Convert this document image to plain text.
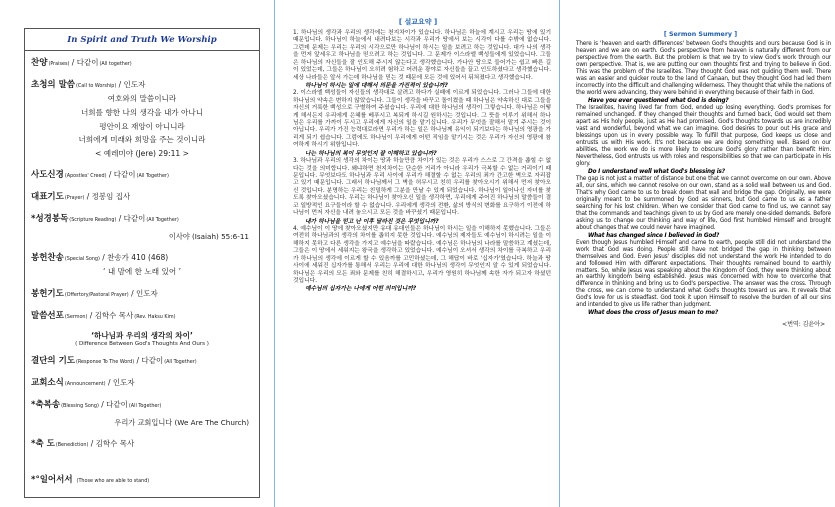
In Spirit and Truth We Worship
찬양 (Praises) / 다같이 (All together)
초청의 말씀 (Call to Worship) / 인도자
여호와의 말씀이니라
너희를 향한 나의 생각을 내가 아나니
평안이요 재앙이 아니니라
너희에게 미래와 희망을 주는 것이니라
< 예레미야 (Jere) 29:11 >
사도신경 (Apostles' Creed) / 다같이 (All Together)
대표기도 (Prayer) / 정봉임 집사
*성경봉독 (Scripture Reading) / 다같이 (All Together)
이사야 (Isaiah) 55:6-11
봉헌찬송 (Special Song) / 찬송가 410 (468)
‘ 내 맘에 한 노래 있어 ’
봉헌기도 (Offertory/Pastoral Prayer) / 인도자
말씀선포 (Sermon) / 김학수 목사 (Rev. Haksu Kim)
‘하나님과 우리의 생각의 차이’
( Difference Between God's Thoughts And Ours )
결단의 기도 (Response To The Word) / 다같이 (All Together)
교회소식 (Announcement) / 인도자
*축복송 (Blessing Song) / 다같이 (All Together)
우리가 교회입니다 (We Are The Church)
*축 도 (Benediction) / 김학수 목사
*°일어서서 (Those who are able to stand)
[ 설교요약 ]
1. 하나님의 생각과 우리의 생각에는 천지차이가 있습니다. 하나님은 하늘에 계시고 우리는 땅에 있기 때문입니다. 하나님이 하늘에서 내려다보는 시각과 우리가 땅에서 보는 시각이 다를 수밖에 없습니다. 그런데 문제는 우리는 우리의 시각으로만 하나님이 하시는 일을 보려고 하는 것입니다. 대가 나의 생각을 먼저 앞세우고 하나님을 믿으려고 하는 것입니다. 그 문제가 이스라엘 백성들에게 있었습니다. 그들은 하나님의 자신들을 잘 인도해 주시지 않는다고 생각했습니다. 가나안 땅으로 들어가는 쉽고 빠른 길이 있었는데, 그들은 하나님이 오히려 험하고 어려운 광야로 자신들을 끌고 인도하셨다고 생각했습니다. 세상 나라들은 앞서 가는데 하나님을 믿는 것 때문에 모든 것에 있어서 뒤쳐졌다고 생각했습니다.
하나님이 하시는 일에 대해서 의문을 가진적이 있습니까?
2. 이스라엘 백성들이 자신들의 생각대로 살려고 하다가 실패에 이르게 되었습니다. 그러나 그들에 대한 하나님의 약속은 변하지 않았습니다. 그들이 생각을 바꾸고 돌이켰을 때 하나님은 약속하신 대로 그들을 자신의 거룩한 백성으로 구별하여 주셨습니다. 우리에 대한 하나님의 생각이 그렇습니다. 하나님은 어떻게 해서든지 우리에게 은혜를 베푸시고 복되게 하시길 원하시는 것입니다. 그 뜻을 이루기 위해서 하나님은 우리를 가까이 두시고 우리에게 자신의 일을 맡기십니다. 우리가 무엇을 잘해서 맡겨 주시는 것이 아닙니다. 우리가 가진 능력대로라면 우리가 하는 일은 하나님께 유익이 되기보다는 하나님의 영광을 가리게 되기 쉽습니다. 그럼에도 하나님이 우리에게 어떤 직임을 맡기시는 것은 우리가 자신의 영광에 참여하게 하시기 위함입니다.
나는 하나님의 복이 무엇인지 잘 이해하고 있습니까?
3. 하나님과 우리의 생각의 차이는 땅과 하늘만큼 차이가 있는 것은 우리가 스스로 그 간격을 좁힐 수 없다는 것을 의미합니다. 왜냐하면 천지차이는 단순한 거리가 아니라 우리가 극복할 수 없는 거리이기 때문입니다. 무엇보다도 하나님과 우리 사이에 우리가 해결할 수 없는 우리의 죄가 간고한 벽으로 자리잡고 있기 때문입니다. 그래서 하나님께서 그 벽을 허무시고 친히 우리를 찾아오시기 위해서 먼저 찾아오신 것입니다. 분명하는 우리는 친밀하게 그분을 만날 수 있게 되었습니다. 하나님이 일어나신 자녀를 찾도록 찾아오셨습니다. 우리는 하나님이 찾아오신 일을 생각하면, 우리에게 주어진 하나님의 말씀들이 결코 일방적인 요구들이라 할 수 없습니다. 우리에게 생각의 전환, 삶의 방식의 변화를 요구하기 이전에 하나님이 먼저 자신을 내려 놓으시고 모든 것을 바꾸셨기 때문입니다.
내가 하나님을 믿고 난 이후 달라진 것은 무엇입니까?
4. 예수님이 이 땅에 찾아오셨지만 유대 유대인들은 하나님이 하시는 일을 이해하지 못했습니다. 그들은 여전히 하나님과의 생각의 차이를 좁히지 못한 것입니다. 예수님의 제자들도 예수님이 하시려는 일을 이해하지 못하고 다른 생각을 가지고 예수님을 따랐습니다. 예수님은 하나님의 나라를 말씀하고 계셨는데, 그들은 이 땅에서 세워지는 왕국을 생각하고 있었습니다. 예수님이 오셔서 생각의 차이를 극복하고 우리가 하나님의 생각에 이르게 할 수 있음까를 고민하셨는데, 그 해답이 바로 '십자가'였습니다. 하늘과 땅 사이에 세워진 십자가를 통해서 우리는 우리에 대한 하나님의 생각이 무엇인지 알 수 있게 되었습니다. 하나님은 우리의 모든 죄와 문제를 친히 해결하시고, 우리가 영원히 하나님께 속한 자가 되고자 하셨던 것입니다.
예수님의 십자가는 나에게 어떤 의미입니까?
[ Sermon Summery ]
There is 'heaven and earth differences' between God's thoughts and ours because God is in heaven and we are on earth. God's perspective from heaven is naturally different from our perspective from the earth. But the problem is that we try to view God's work through our own perspective. That is, we are putting our own thoughts first and trying to believe in God. This was the problem of the Israelites. They thought God was not guiding them well. There was an easier and quicker route to the land of Canaan, but they thought God had led them incorrectly into the difficult and challenging wilderness. They thought that while the nations of the world were advancing, they were behind in everything because of their faith in God.
Have you ever questioned what God is doing?
The Israelites, having lived far from God, ended up losing everything. God's promises for remained unchanged. If they changed their thoughts and turned back, God would set them apart as His holy people, just as He had promised. God's thoughts towards us are incredibly vast and wonderful, beyond what we can imagine. God desires to pour out His grace and blessings upon us in every possible way. To fulfill that purpose, God keeps us close and entrusts us with His work. It's not because we are doing something well. Based on our abilities, the work we do is more likely to obscure God's glory rather than benefit Him. Nevertheless, God entrusts us with roles and responsibilities so that we can participate in His glory.
Do I understand well what God's blessing is?
The gap is not just a matter of distance but one that we cannot overcome on our own. Above all, our sins, which we cannot resolve on our own, stand as a solid wall between us and God. That's why God came to us to break down that wall and bridge the gap. Originally, we were originally meant to be summoned by God as sinners, but God came to us as a father searching for his lost children. When we consider that God came to find us, we cannot say that the commands and teachings given to us by God are merely one-sided demands. Before asking us to change our thinking and way of life, God first humbled Himself and brought about changes that we could never have imagined.
What has changed since I believed in God?
Even though Jesus humbled Himself and came to earth, people still did not understand the work that God was doing. People still have not bridged the gap in thinking between themselves and God. Even Jesus' disciples did not understand the work He intended to do and followed Him with different expectations. Their thoughts remained bound to earthly matters. So, while Jesus was speaking about the Kingdom of God, they were thinking about an earthly kingdom being established. Jesus was concerned with how to overcome that difference in thinking and bring us to God's perspective. The answer was the cross. Through the cross, we can come to understand what God's thoughts toward us are. It reveals that God's love for us is steadfast. God took it upon Himself to resolve the burden of all our sins and intended to give us life rather than judgment.
What does the cross of Jesus mean to me?
<번역: 김윤아>
